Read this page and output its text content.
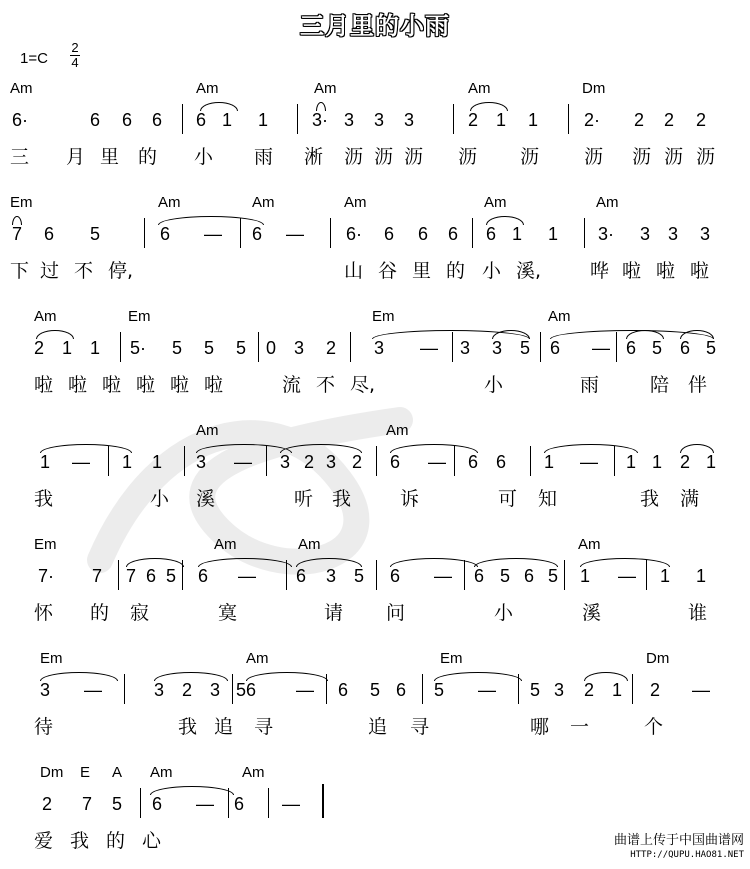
三月里的小雨
1=C
2
4
Am	Am	Am	Am	Dm
6·	6 6 6 6 1 1 3· 3 3 3	2 1 1	2· 2 2 2
三 月 里 的 小 雨 淅 沥 沥 沥 沥 沥 沥 沥 沥 沥
Em	Am	Am	Am	Am	Am
7 6 5	6 — 6 — 6· 6 6 6 6 1 1 3· 3 3 3
下 过 不 停,	山 谷 里 的 小 溪,	哗 啦 啦 啦
Am	Em	Em	Am
2 1 1 5· 5 5 5 0 3 2 3 — 3 3 5 6 — 6 5 6 5
啦 啦 啦 啦 啦 啦	流 不 尽,	小	雨	陪 伴
Am	Am
1 — 1 1 3 — 3 2 3 2 6 — 6 6 1 — 1 1 2 1
我	小 溪	听 我	诉	可 知	我 满
Em	Am	Am	Am
7· 7 7 6 5 6 — 6 3 5 6 — 6 5 6 5 1 — 1 1
怀 的 寂	寞	请 问	小	溪	谁
Em	Am	Em	Dm
3 —	3 2 3 5 6 — 6 5 6 5 — 5 3 2 1 2 —
待	我 追 寻	追 寻	哪 一	个
Dm E A Am	Am
2 7 5 6 — 6 —
爱 我 的 心	曲谱上传于中国曲谱网
HTTP://QUPU.HAO81.NET
